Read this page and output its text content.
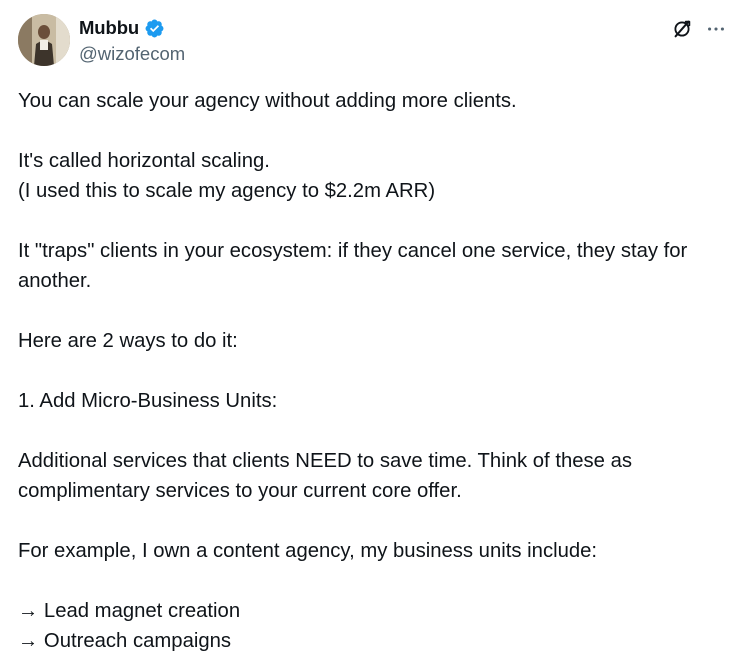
Mubbu
@wizofecom

You can scale your agency without adding more clients.

It's called horizontal scaling.
(I used this to scale my agency to $2.2m ARR)

It "traps" clients in your ecosystem: if they cancel one service, they stay for another.

Here are 2 ways to do it:

1. Add Micro-Business Units:

Additional services that clients NEED to save time. Think of these as complimentary services to your current core offer.

For example, I own a content agency, my business units include:

→ Lead magnet creation
→ Outreach campaigns
